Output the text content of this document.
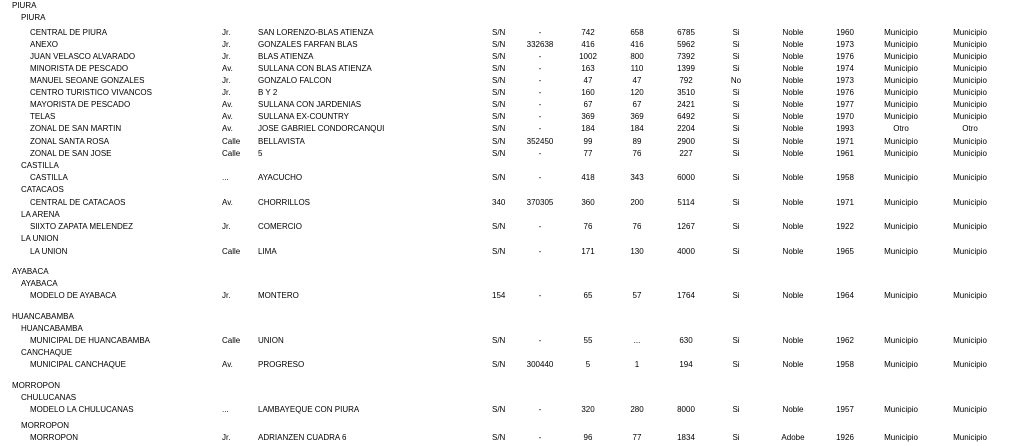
PIURA
PIURA
CENTRAL DE PIURA	Jr.	SAN LORENZO-BLAS ATIENZA	S/N	-	742	658	6785	Si	Noble	1960	Municipio	Municipio
ANEXO	Jr.	GONZALES FARFAN BLAS	S/N	332638	416	416	5962	Si	Noble	1973	Municipio	Municipio
JUAN VELASCO ALVARADO	Jr.	BLAS ATIENZA	S/N	-	1002	800	7392	Si	Noble	1976	Municipio	Municipio
MINORISTA DE PESCADO	Av.	SULLANA CON BLAS ATIENZA	S/N	-	163	110	1399	Si	Noble	1974	Municipio	Municipio
MANUEL SEOANE GONZALES	Jr.	GONZALO FALCON	S/N	-	47	47	792	No	Noble	1973	Municipio	Municipio
CENTRO TURISTICO VIVANCOS	Jr.	B Y 2	S/N	-	160	120	3510	Si	Noble	1976	Municipio	Municipio
MAYORISTA DE PESCADO	Av.	SULLANA CON JARDENIAS	S/N	-	67	67	2421	Si	Noble	1977	Municipio	Municipio
TELAS	Av.	SULLANA EX-COUNTRY	S/N	-	369	369	6492	Si	Noble	1970	Municipio	Municipio
ZONAL DE SAN MARTIN	Av.	JOSE GABRIEL CONDORCANQUI	S/N	-	184	184	2204	Si	Noble	1993	Otro	Otro
ZONAL SANTA ROSA	Calle BELLAVISTA	S/N	352450	99	89	2900	Si	Noble	1971	Municipio	Municipio
ZONAL DE SAN JOSE	Calle 5	S/N	-	77	76	227	Si	Noble	1961	Municipio	Municipio
CASTILLA
CASTILLA	...	AYACUCHO	S/N	-	418	343	6000	Si	Noble	1958	Municipio	Municipio
CATACAOS
CENTRAL DE CATACAOS	Av.	CHORRILLOS	340	370305	360	200	5114	Si	Noble	1971	Municipio	Municipio
LA ARENA
SIIXTO ZAPATA MELENDEZ	Jr.	COMERCIO	S/N	-	76	76	1267	Si	Noble	1922	Municipio	Municipio
LA UNION
LA UNION	Calle LIMA	S/N	-	171	130	4000	Si	Noble	1965	Municipio	Municipio
AYABACA
AYABACA
MODELO DE AYABACA	Jr.	MONTERO	154	-	65	57	1764	Si	Noble	1964	Municipio	Municipio
HUANCABAMBA
HUANCABAMBA
MUNICIPAL DE HUANCABAMBA	Calle UNION	S/N	-	55	...	630	Si	Noble	1962	Municipio	Municipio
CANCHAQUE
MUNICIPAL CANCHAQUE	Av.	PROGRESO	S/N	300440	5	1	194	Si	Noble	1958	Municipio	Municipio
MORROPON
CHULUCANAS
MODELO LA CHULUCANAS	...	LAMBAYEQUE CON PIURA	S/N	-	320	280	8000	Si	Noble	1957	Municipio	Municipio
MORROPON
MORROPON	Jr.	ADRIANZEN CUADRA 6	S/N	-	96	77	1834	Si	Adobe	1926	Municipio	Municipio
